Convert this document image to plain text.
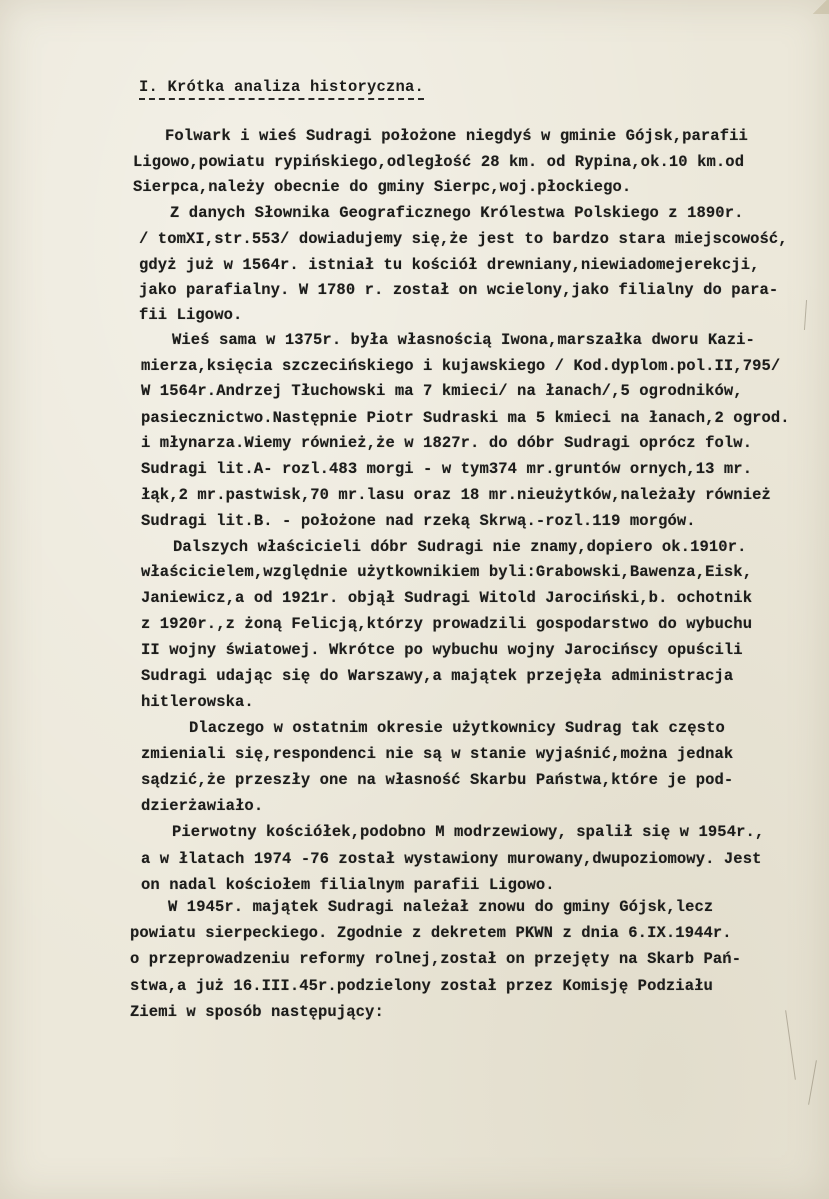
I. Krótka analiza historyczna.
Folwark i wieś Sudragi położone niegdyś w gminie Gójsk,parafii
Ligowo,powiatu rypińskiego,odległość 28 km. od Rypina,ok.10 km.od
Sierpca,należy obecnie do gminy Sierpc,woj.płockiego.
Z danych Słownika Geograficznego Królestwa Polskiego z 1890r.
/ tomXI,str.553/ dowiadujemy się,że jest to bardzo stara miejscowość,
gdyż już w 1564r. istniał tu kościół drewniany,niewiadomejerekcji,
jako parafialny. W 1780 r. został on wcielony,jako filialny do para-
fii Ligowo.
Wieś sama w 1375r. była własnością Iwona,marszałka dworu Kazi-
mierza,księcia szczecińskiego i kujawskiego / Kod.dyplom.pol.II,795/
W 1564r.Andrzej Tłuchowski ma 7 kmieci/ na łanach/,5 ogrodników,
pasiecznictwo.Następnie Piotr Sudraski ma 5 kmieci na łanach,2 ogrod.
i młynarza.Wiemy również,że w 1827r. do dóbr Sudragi oprócz folw.
Sudragi lit.A- rozl.483 morgi - w tym374 mr.gruntów ornych,13 mr.
łąk,2 mr.pastwisk,70 mr.lasu oraz 18 mr.nieużytków,należały również
Sudragi lit.B. - położone nad rzeką Skrwą.-rozl.119 morgów.
Dalszych właścicieli dóbr Sudragi nie znamy,dopiero ok.1910r.
właścicielem,względnie użytkownikiem byli:Grabowski,Bawenza,Eisk,
Janiewicz,a od 1921r. objął Sudragi Witold Jarociński,b. ochotnik
z 1920r.,z żoną Felicją,którzy prowadzili gospodarstwo do wybuchu
II wojny światowej. Wkrótce po wybuchu wojny Jarocińscy opuścili
Sudragi udając się do Warszawy,a majątek przejęła administracja
hitlerowska.
Dlaczego w ostatnim okresie użytkownicy Sudrag tak często
zmieniali się,respondenci nie są w stanie wyjaśnić,można jednak
sądzić,że przeszły one na własność Skarbu Państwa,które je pod-
dzierżawiało.
Pierwotny kościółek,podobno M modrzewiowy, spalił się w 1954r.,
a w łlatach 1974 -76 został wystawiony murowany,dwupoziomowy. Jest
on nadal kościołem filialnym parafii Ligowo.
W 1945r. majątek Sudragi należał znowu do gminy Gójsk,lecz
powiatu sierpeckiego. Zgodnie z dekretem PKWN z dnia 6.IX.1944r.
o przeprowadzeniu reformy rolnej,został on przejęty na Skarb Pań-
stwa,a już 16.III.45r.podzielony został przez Komisję Podziału
Ziemi w sposób następujący:
